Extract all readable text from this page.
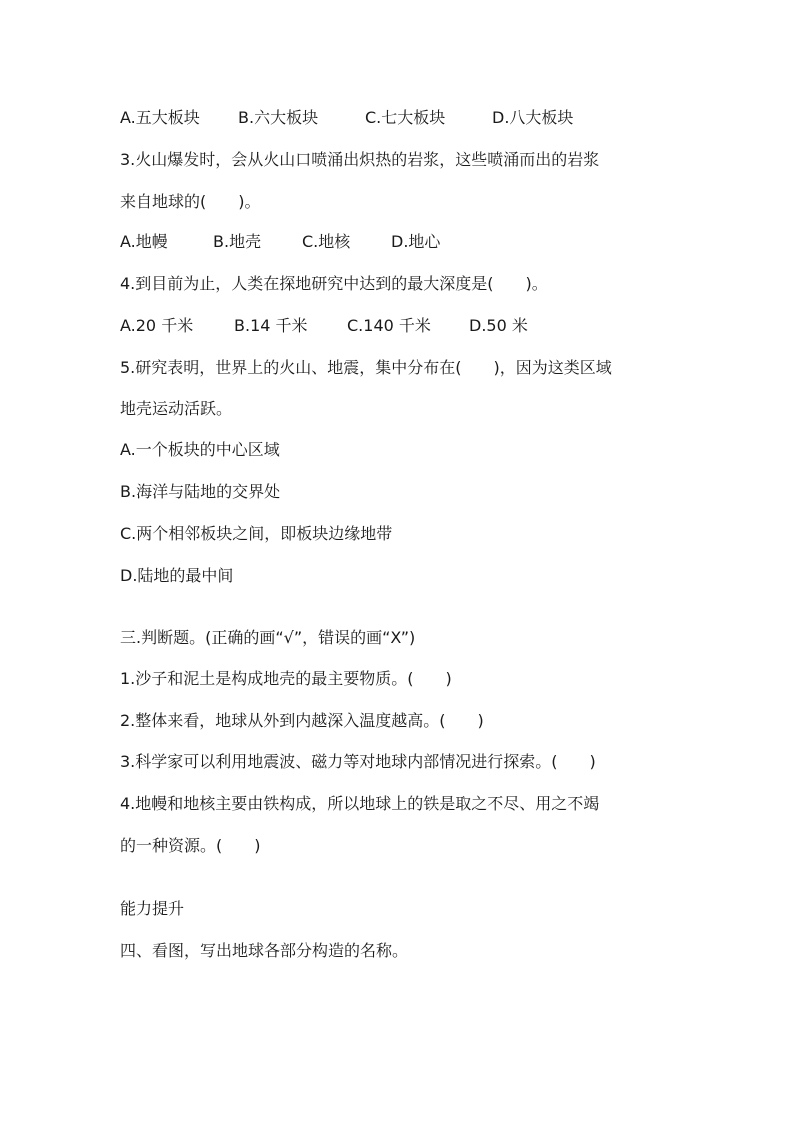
A.五大板块	B.六大板块	C.七大板块	D.八大板块
3.火山爆发时，会从火山口喷涌出炽热的岩浆，这些喷涌而出的岩浆
来自地球的(　　)。
A.地幔	B.地壳	C.地核	D.地心
4.到目前为止，人类在探地研究中达到的最大深度是(　　)。
A.20 千米	B.14 千米	C.140 千米	D.50 米
5.研究表明，世界上的火山、地震，集中分布在(　　)，因为这类区域
地壳运动活跃。
A.一个板块的中心区域
B.海洋与陆地的交界处
C.两个相邻板块之间，即板块边缘地带
D.陆地的最中间
三.判断题。(正确的画“√”，错误的画“X”)
1.沙子和泥土是构成地壳的最主要物质。(　　)
2.整体来看，地球从外到内越深入温度越高。(　　)
3.科学家可以利用地震波、磁力等对地球内部情况进行探索。(　　)
4.地幔和地核主要由铁构成，所以地球上的铁是取之不尽、用之不竭
的一种资源。(　　)
能力提升
四、看图，写出地球各部分构造的名称。
